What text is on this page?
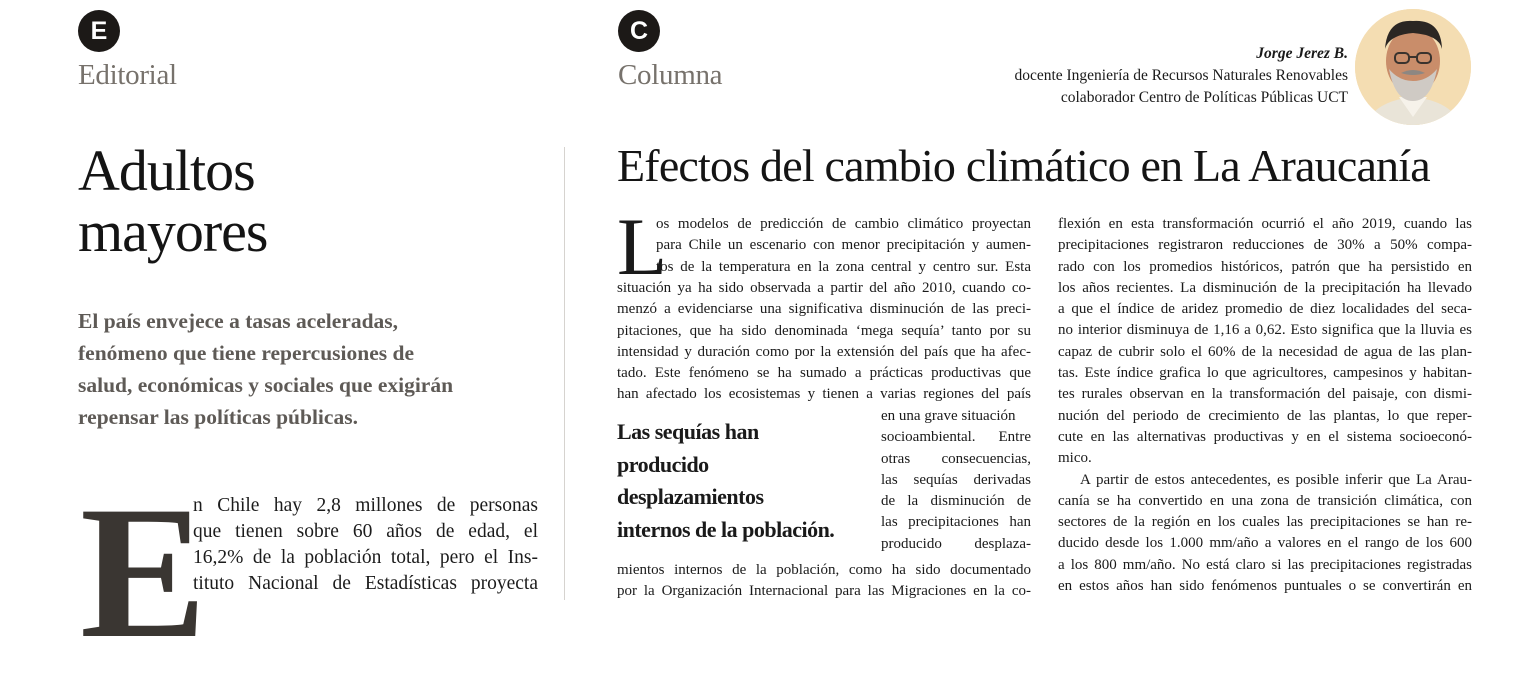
E
Editorial
Adultos
mayores
El país envejece a tasas aceleradas,
fenómeno que tiene repercusiones de
salud, económicas y sociales que exigirán
repensar las políticas públicas.
E
n Chile hay 2,8 millones de personas
que tienen sobre 60 años de edad, el
16,2% de la población total, pero el Ins-
tituto Nacional de Estadísticas proyecta
C
Columna
Jorge Jerez B.
docente Ingeniería de Recursos Naturales Renovables
colaborador Centro de Políticas Públicas UCT
Efectos del cambio climático en La Araucanía
L
os modelos de predicción de cambio climático proyectan
para Chile un escenario con menor precipitación y aumen-
tos de la temperatura en la zona central y centro sur. Esta
situación ya ha sido observada a partir del año 2010, cuando co-
menzó a evidenciarse una significativa disminución de las preci-
pitaciones, que ha sido denominada ‘mega sequía’ tanto por su
intensidad y duración como por la extensión del país que ha afec-
tado. Este fenómeno se ha sumado a prácticas productivas que
han afectado los ecosistemas y tienen a varias regiones del país
Las sequías han
producido
desplazamientos
internos de la población.
en una grave situación
socioambiental. Entre
otras consecuencias,
las sequías derivadas
de la disminución de
las precipitaciones han
producido desplaza-
mientos internos de la población, como ha sido documentado
por la Organización Internacional para las Migraciones en la co-
flexión en esta transformación ocurrió el año 2019, cuando las
precipitaciones registraron reducciones de 30% a 50% compa-
rado con los promedios históricos, patrón que ha persistido en
los años recientes. La disminución de la precipitación ha llevado
a que el índice de aridez promedio de diez localidades del seca-
no interior disminuya de 1,16 a 0,62. Esto significa que la lluvia es
capaz de cubrir solo el 60% de la necesidad de agua de las plan-
tas. Este índice grafica lo que agricultores, campesinos y habitan-
tes rurales observan en la transformación del paisaje, con dismi-
nución del periodo de crecimiento de las plantas, lo que reper-
cute en las alternativas productivas y en el sistema socioeconó-
mico.
A partir de estos antecedentes, es posible inferir que La Arau-
canía se ha convertido en una zona de transición climática, con
sectores de la región en los cuales las precipitaciones se han re-
ducido desde los 1.000 mm/año a valores en el rango de los 600
a los 800 mm/año. No está claro si las precipitaciones registradas
en estos años han sido fenómenos puntuales o se convertirán en
